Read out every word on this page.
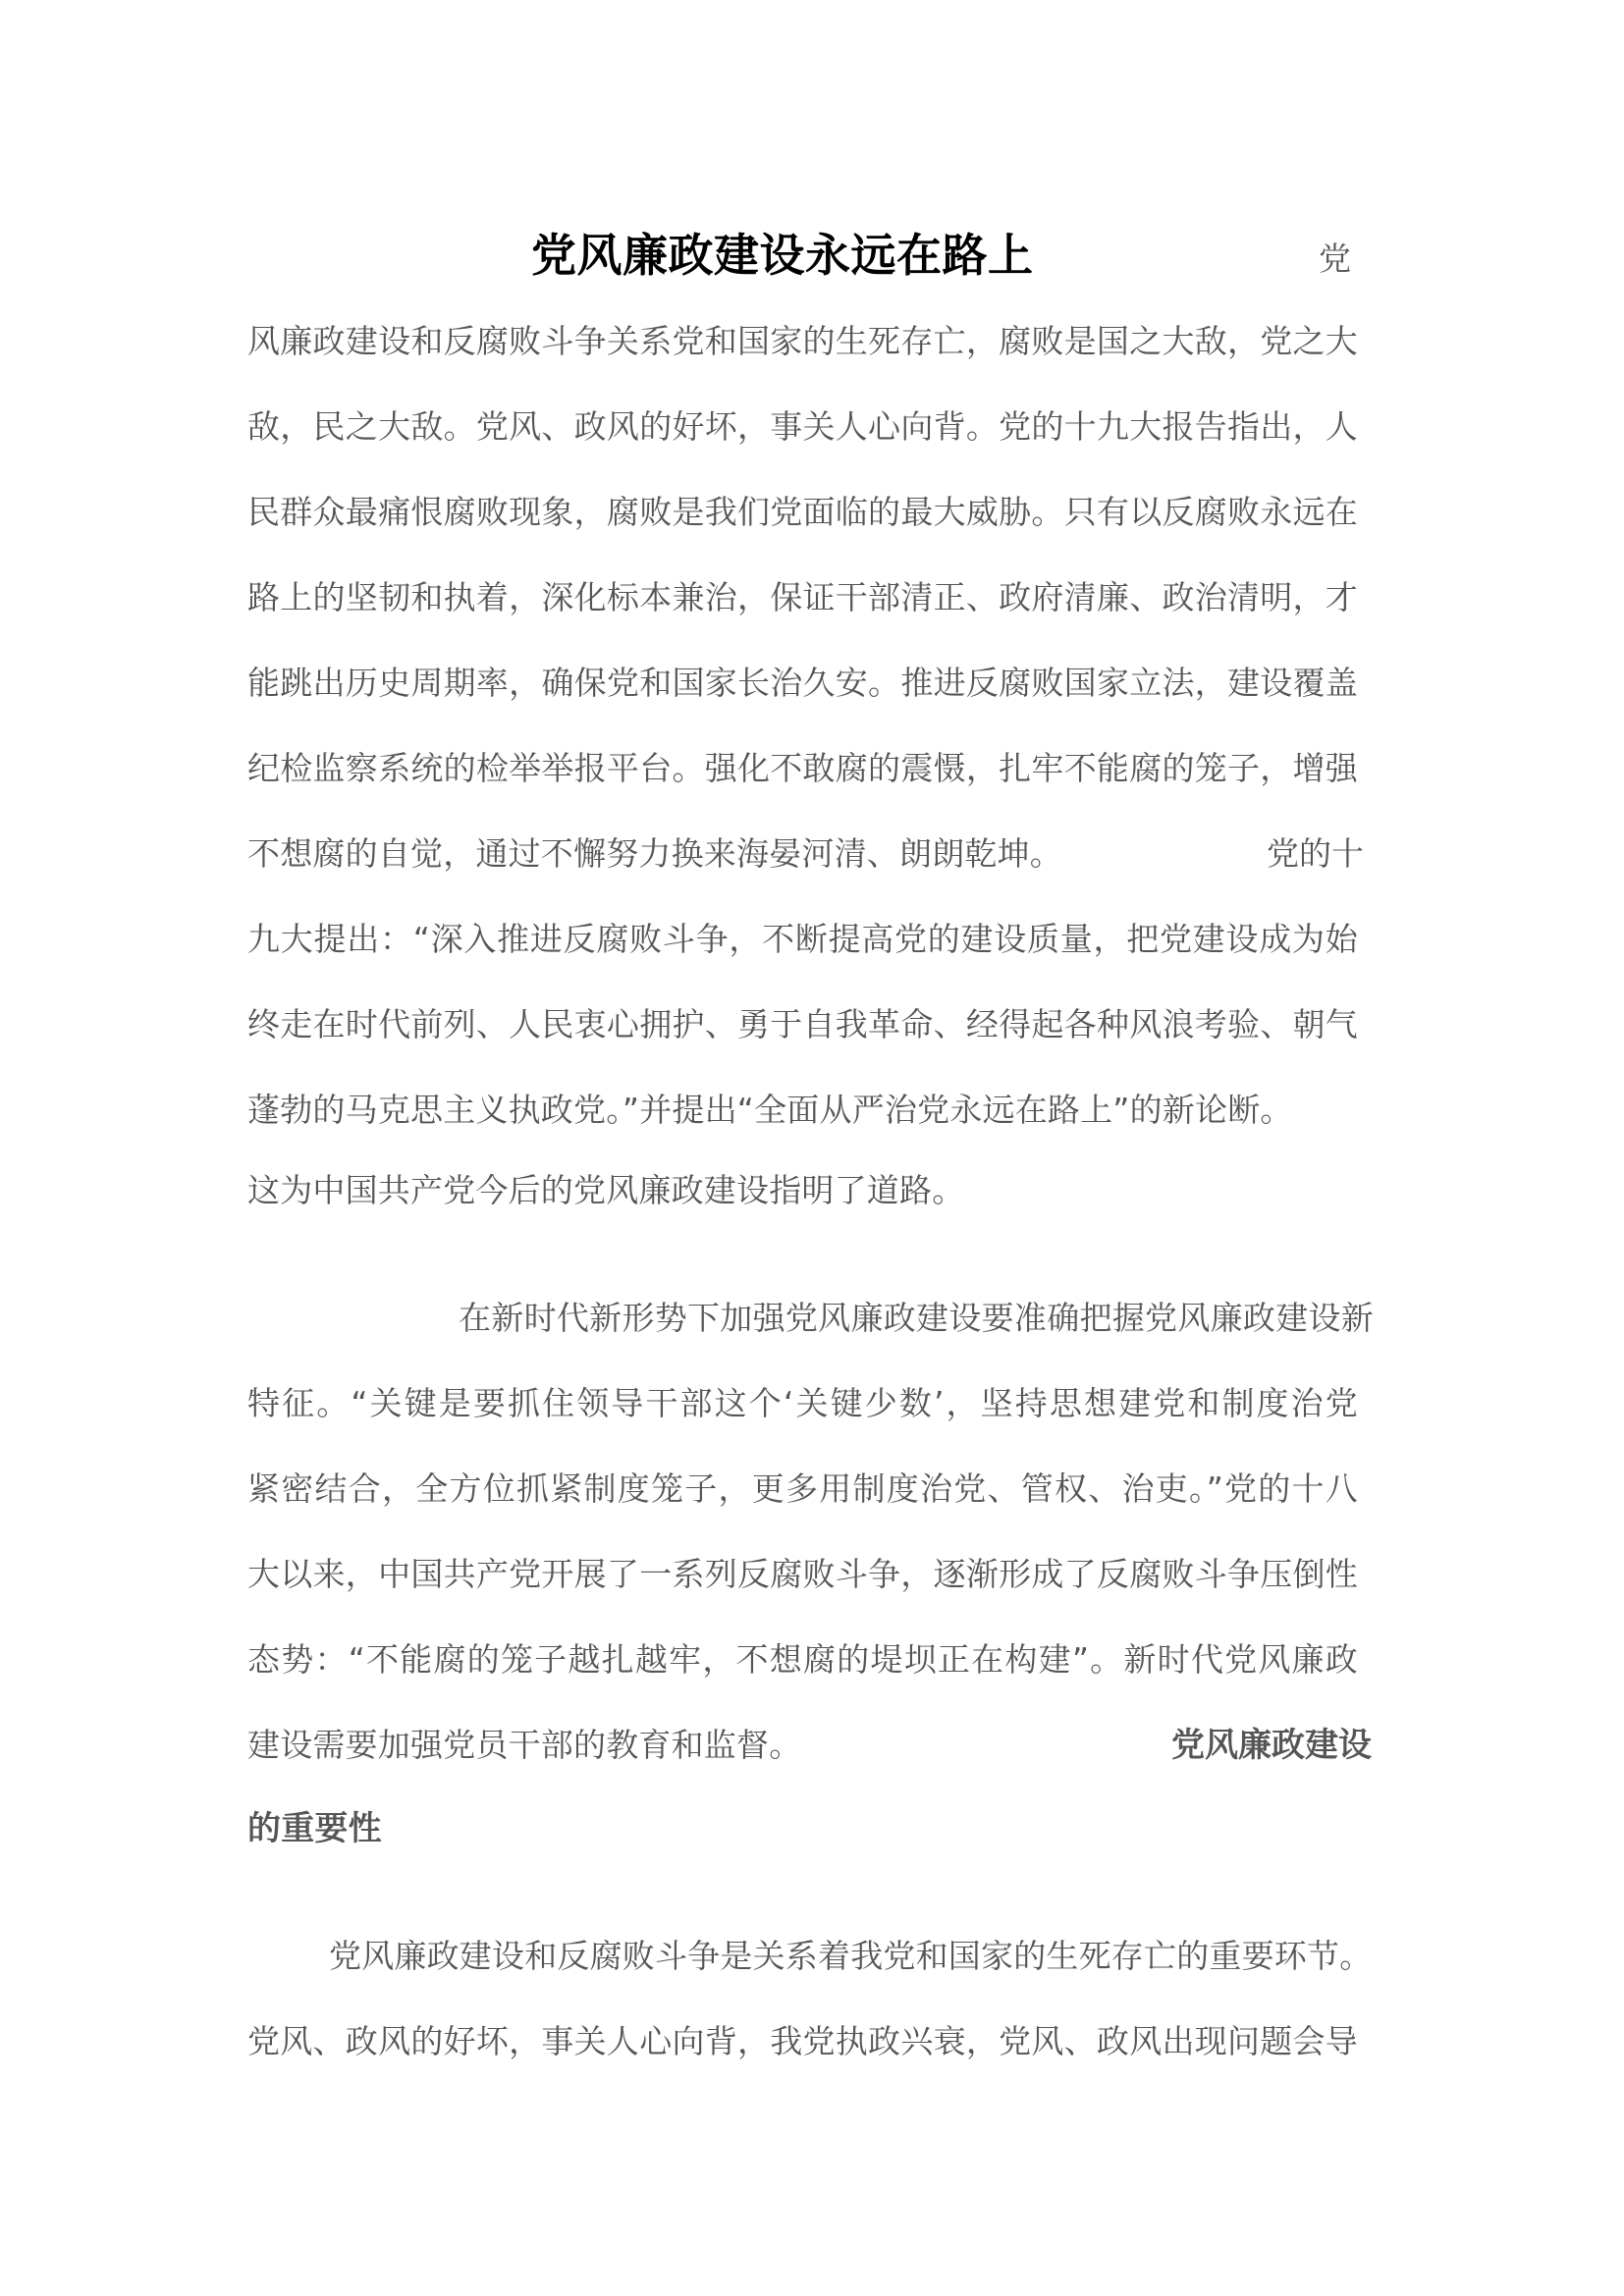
党风廉政建设永远在路上	党
风廉政建设和反腐败斗争关系党和国家的生死存亡，腐败是国之大敌，党之大
敌，民之大敌。党风、政风的好坏，事关人心向背。党的十九大报告指出，人
民群众最痛恨腐败现象，腐败是我们党面临的最大威胁。只有以反腐败永远在
路上的坚韧和执着，深化标本兼治，保证干部清正、政府清廉、政治清明，才
能跳出历史周期率，确保党和国家长治久安。推进反腐败国家立法，建设覆盖
纪检监察系统的检举举报平台。强化不敢腐的震慑，扎牢不能腐的笼子，增强
不想腐的自觉，通过不懈努力换来海晏河清、朗朗乾坤。	党的十
九大提出：“深入推进反腐败斗争，不断提高党的建设质量，把党建设成为始
终走在时代前列、人民衷心拥护、勇于自我革命、经得起各种风浪考验、朝气
蓬勃的马克思主义执政党。”并提出“全面从严治党永远在路上”的新论断。
这为中国共产党今后的党风廉政建设指明了道路。
在新时代新形势下加强党风廉政建设要准确把握党风廉政建设新
特征。“关键是要抓住领导干部这个‘关键少数’，坚持思想建党和制度治党
紧密结合，全方位抓紧制度笼子，更多用制度治党、管权、治吏。”党的十八
大以来，中国共产党开展了一系列反腐败斗争，逐渐形成了反腐败斗争压倒性
态势：“不能腐的笼子越扎越牢，不想腐的堤坝正在构建”。新时代党风廉政
建设需要加强党员干部的教育和监督。	党风廉政建设
的重要性
党风廉政建设和反腐败斗争是关系着我党和国家的生死存亡的重要环节。
党风、政风的好坏，事关人心向背，我党执政兴衰，党风、政风出现问题会导
